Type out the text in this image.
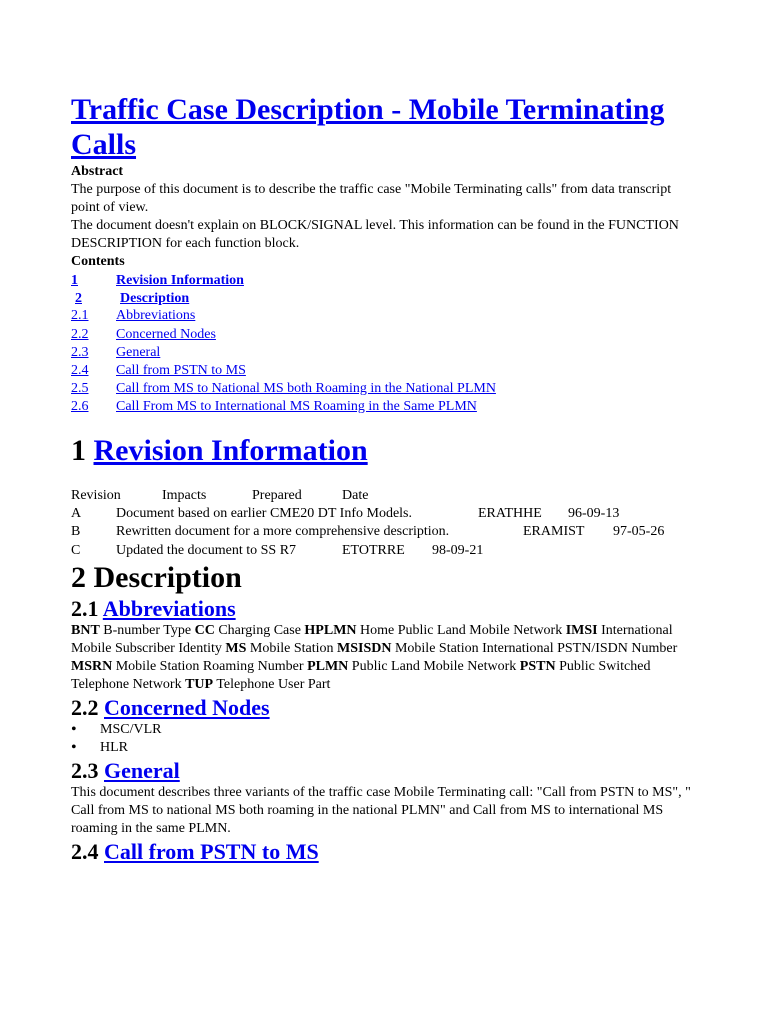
Traffic Case Description - Mobile Terminating Calls
Abstract
The purpose of this document is to describe the traffic case "Mobile Terminating calls" from data transcript point of view.
The document doesn't explain on BLOCK/SIGNAL level. This information can be found in the FUNCTION DESCRIPTION for each function block.
Contents
1	Revision Information
2	Description
2.1 Abbreviations
2.2 Concerned Nodes
2.3 General
2.4 Call from PSTN to MS
2.5 Call from MS to National MS both Roaming in the National PLMN
2.6 Call From MS to International MS Roaming in the Same PLMN
1 Revision Information
Revision	Impacts	Prepared	Date
A Document based on earlier CME20 DT Info Models.	ERATHHE 96-09-13
B	Rewritten document for a more comprehensive description.	ERAMIST 97-05-26
C	Updated the document to SS R7	ETOTRRE 98-09-21
2 Description
2.1 Abbreviations
BNT B-number Type CC Charging Case HPLMN Home Public Land Mobile Network IMSI International Mobile Subscriber Identity MS Mobile Station MSISDN Mobile Station International PSTN/ISDN Number MSRN Mobile Station Roaming Number PLMN Public Land Mobile Network PSTN Public Switched Telephone Network TUP Telephone User Part
2.2 Concerned Nodes
• MSC/VLR
• HLR
2.3 General
This document describes three variants of the traffic case Mobile Terminating call: "Call from PSTN to MS", " Call from MS to national MS both roaming in the national PLMN" and Call from MS to international MS roaming in the same PLMN.
2.4 Call from PSTN to MS
